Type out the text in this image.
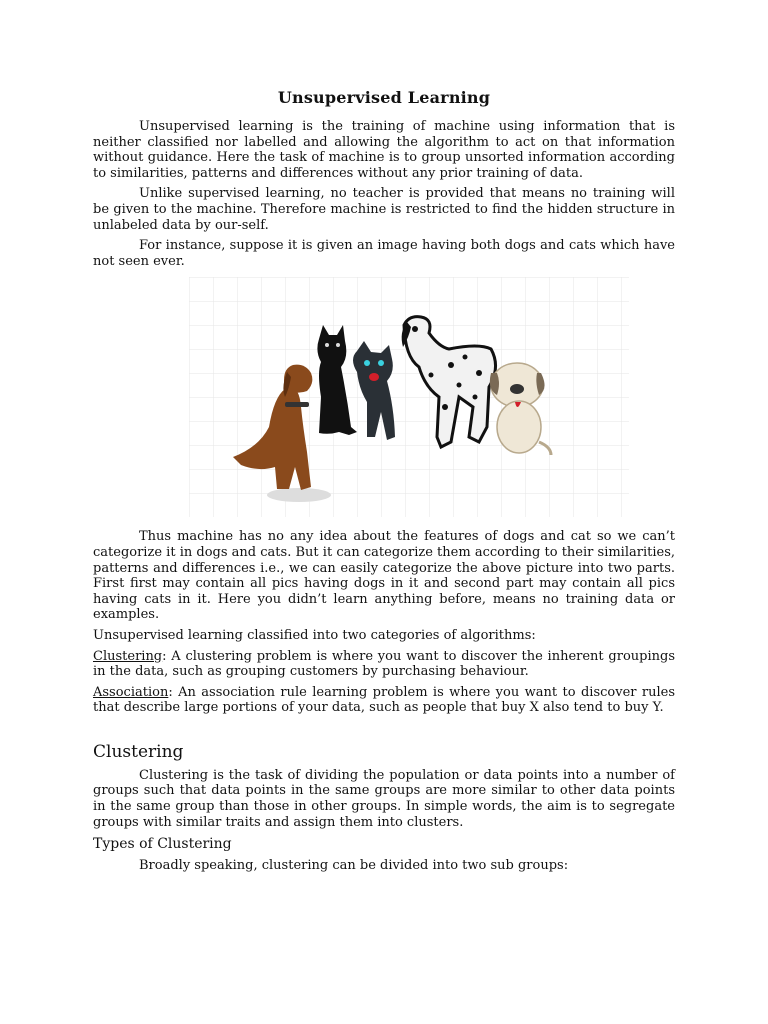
Unsupervised Learning

Unsupervised learning is the training of machine using information that is neither classified nor labelled and allowing the algorithm to act on that information without guidance. Here the task of machine is to group unsorted information according to similarities, patterns and differences without any prior training of data.

Unlike supervised learning, no teacher is provided that means no training will be given to the machine. Therefore machine is restricted to find the hidden structure in unlabeled data by our-self.

For instance, suppose it is given an image having both dogs and cats which have not seen ever.

Thus machine has no any idea about the features of dogs and cat so we can’t categorize it in dogs and cats. But it can categorize them according to their similarities, patterns and differences i.e., we can easily categorize the above picture into two parts. First first may contain all pics having dogs in it and second part may contain all pics having cats in it. Here you didn’t learn anything before, means no training data or examples.

Unsupervised learning classified into two categories of algorithms:

Clustering: A clustering problem is where you want to discover the inherent groupings in the data, such as grouping customers by purchasing behaviour.

Association: An association rule learning problem is where you want to discover rules that describe large portions of your data, such as people that buy X also tend to buy Y.

Clustering

Clustering is the task of dividing the population or data points into a number of groups such that data points in the same groups are more similar to other data points in the same group than those in other groups. In simple words, the aim is to segregate groups with similar traits and assign them into clusters.

Types of Clustering

Broadly speaking, clustering can be divided into two sub groups:
